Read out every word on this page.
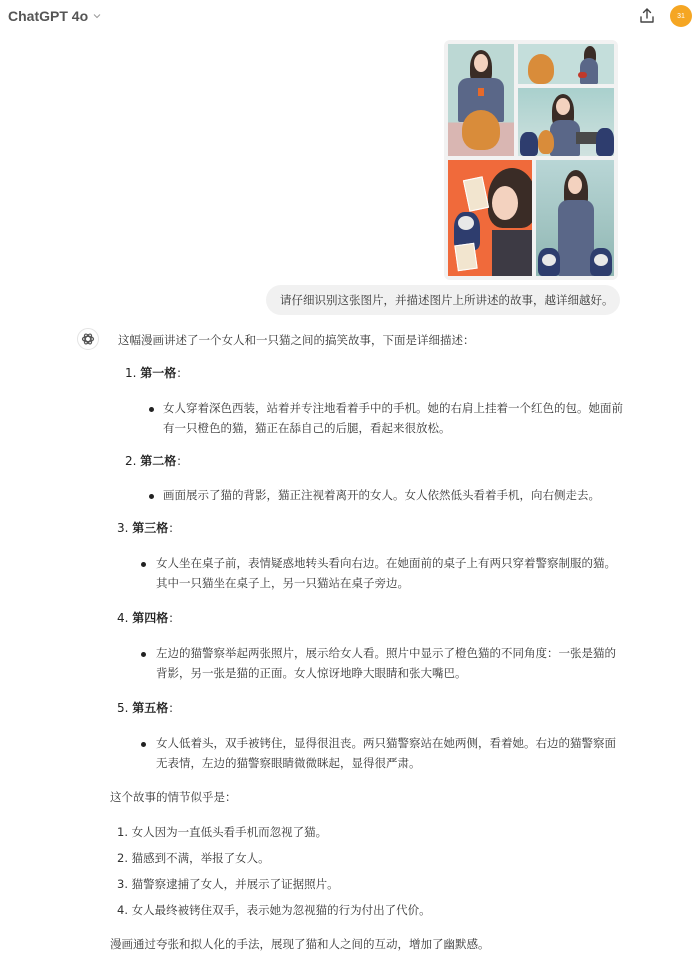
ChatGPT 4o	31
请仔细识别这张图片，并描述图片上所讲述的故事，越详细越好。
这幅漫画讲述了一个女人和一只猫之间的搞笑故事，下面是详细描述：
1. 第一格：
女人穿着深色西装，站着并专注地看着手中的手机。她的右肩上挂着一个红色的包。她面前
有一只橙色的猫，猫正在舔自己的后腿，看起来很放松。
2. 第二格：
画面展示了猫的背影，猫正注视着离开的女人。女人依然低头看着手机，向右侧走去。
3. 第三格：
女人坐在桌子前，表情疑惑地转头看向右边。在她面前的桌子上有两只穿着警察制服的猫。
其中一只猫坐在桌子上，另一只猫站在桌子旁边。
4. 第四格：
左边的猫警察举起两张照片，展示给女人看。照片中显示了橙色猫的不同角度：一张是猫的
背影，另一张是猫的正面。女人惊讶地睁大眼睛和张大嘴巴。
5. 第五格：
女人低着头，双手被铐住，显得很沮丧。两只猫警察站在她两侧，看着她。右边的猫警察面
无表情，左边的猫警察眼睛微微眯起，显得很严肃。
这个故事的情节似乎是：
1. 女人因为一直低头看手机而忽视了猫。
2. 猫感到不满，举报了女人。
3. 猫警察逮捕了女人，并展示了证据照片。
4. 女人最终被铐住双手，表示她为忽视猫的行为付出了代价。
漫画通过夸张和拟人化的手法，展现了猫和人之间的互动，增加了幽默感。
